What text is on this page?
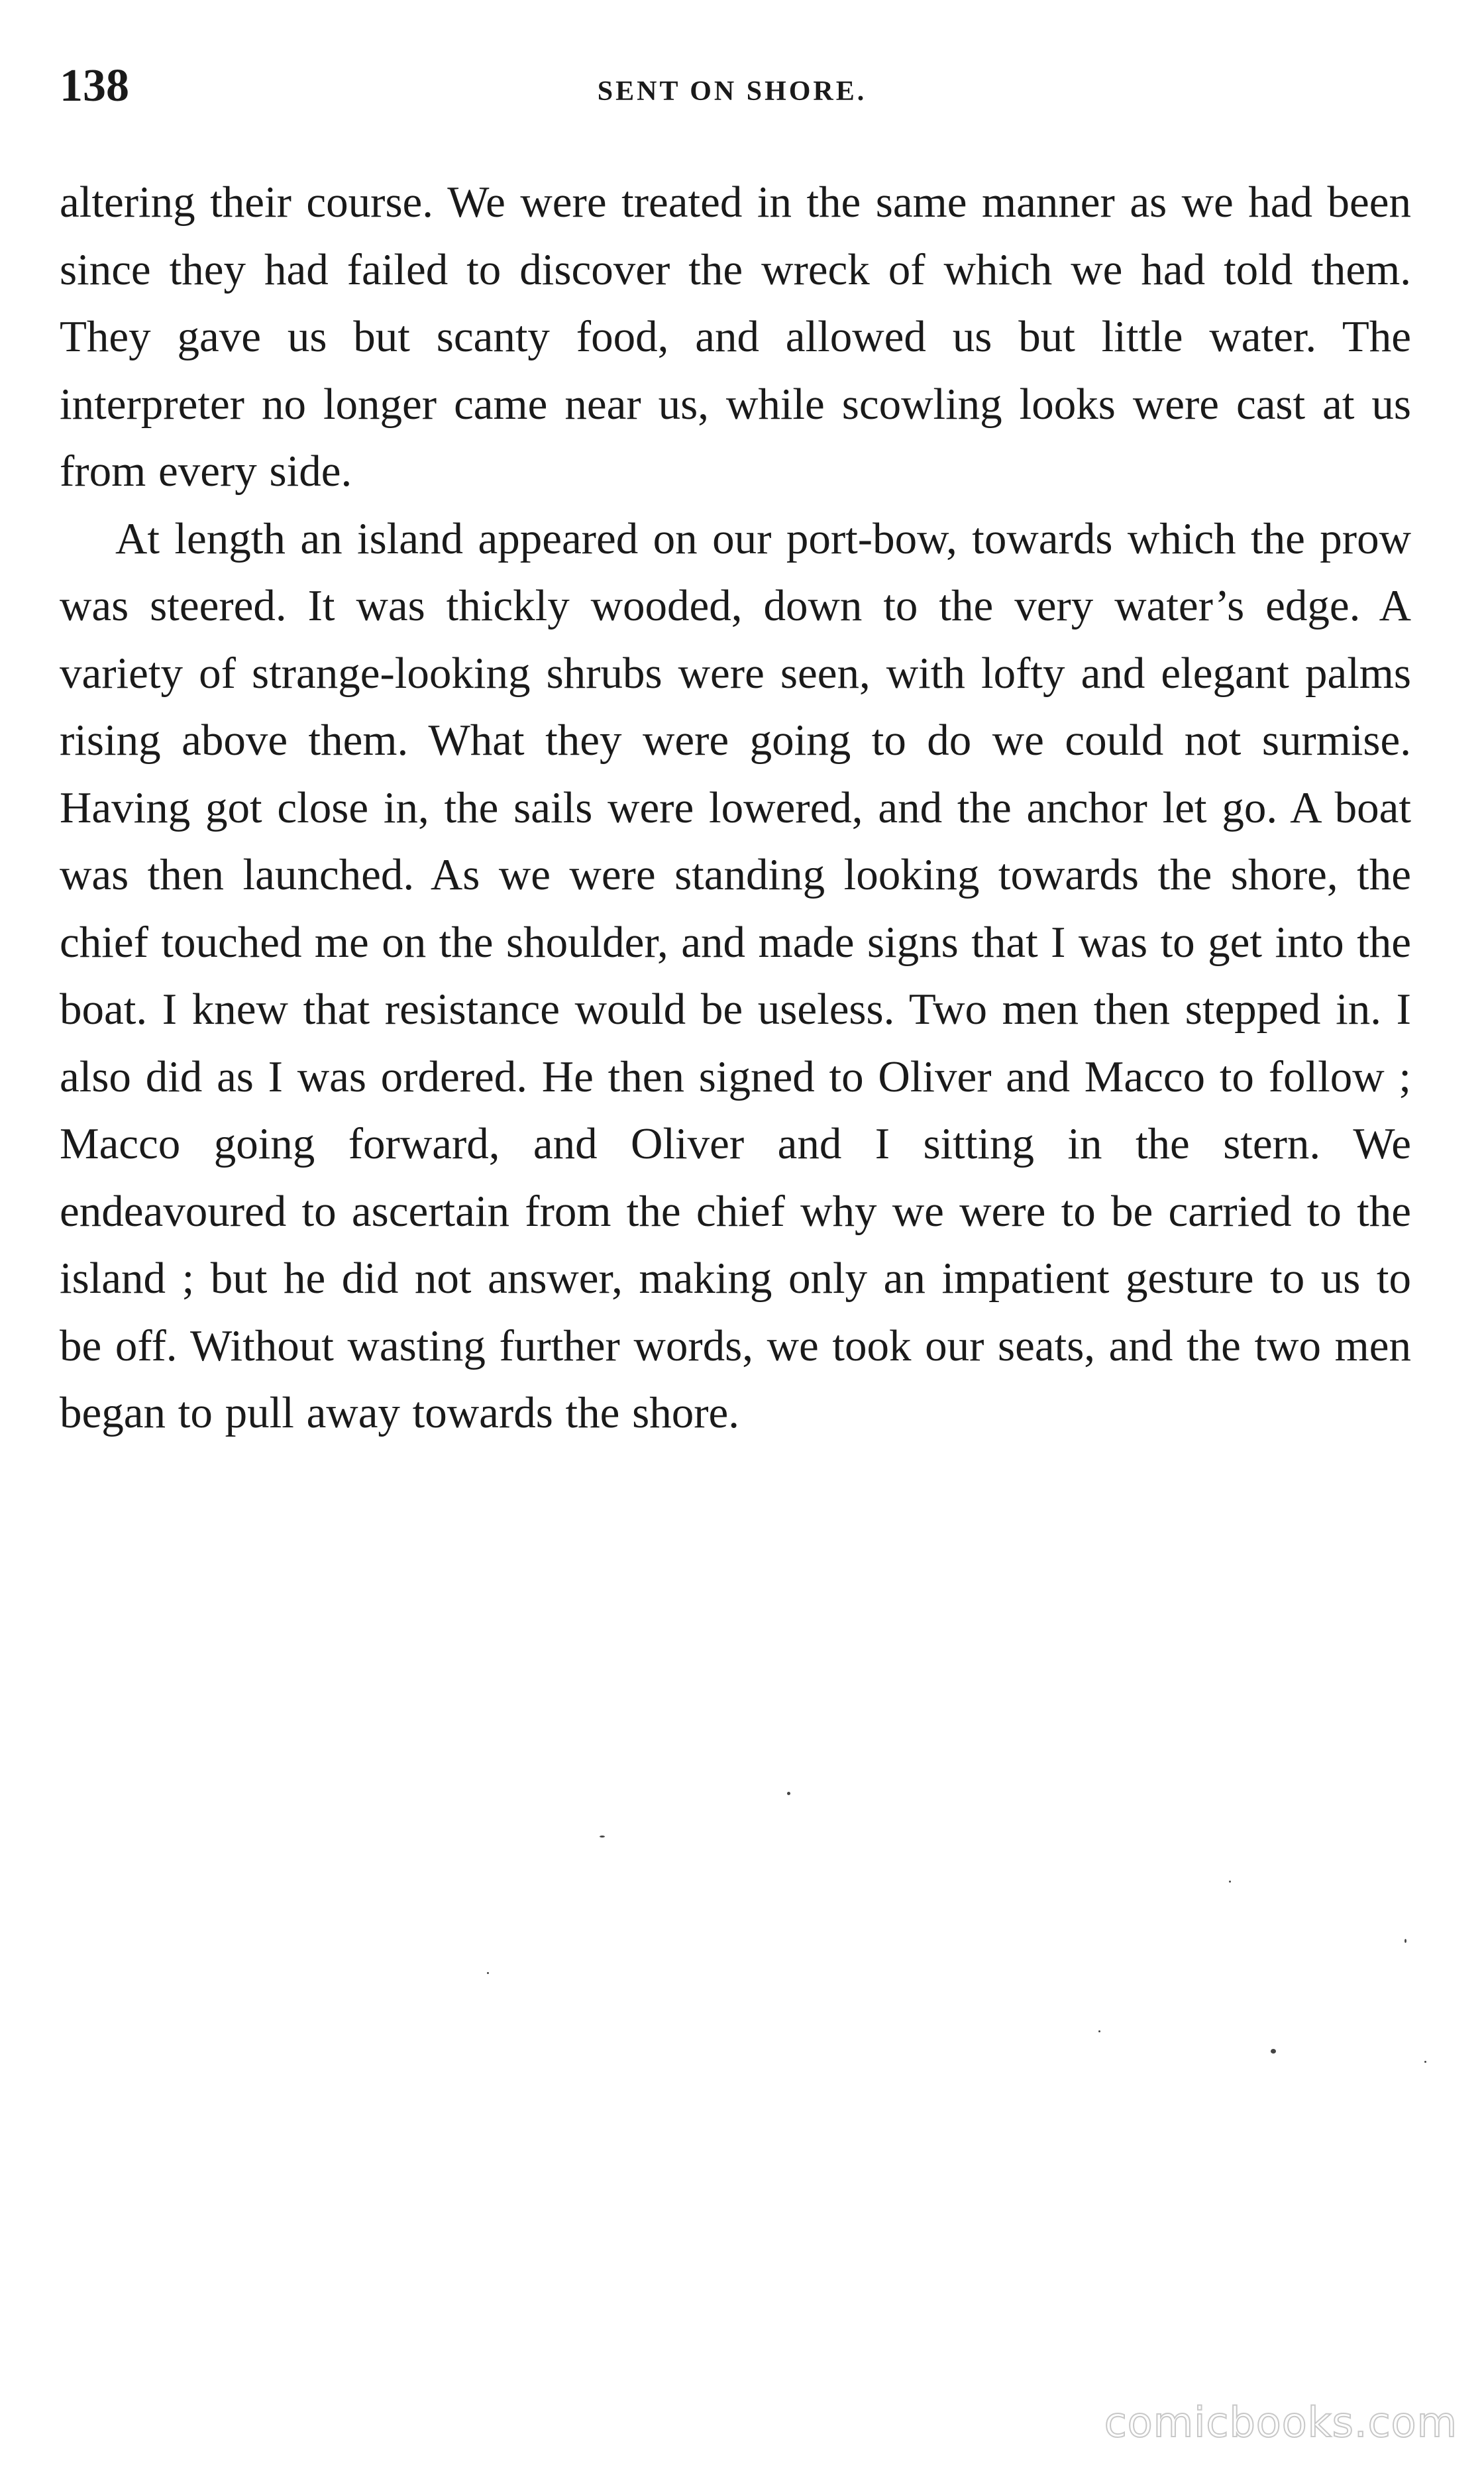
138	SENT ON SHORE.

altering their course. We were treated in the same manner as we had been since they had failed to discover the wreck of which we had told them. They gave us but scanty food, and allowed us but little water. The interpreter no longer came near us, while scowling looks were cast at us from every side.

At length an island appeared on our port-bow, towards which the prow was steered. It was thickly wooded, down to the very water’s edge. A variety of strange-looking shrubs were seen, with lofty and elegant palms rising above them. What they were going to do we could not surmise. Having got close in, the sails were lowered, and the anchor let go. A boat was then launched. As we were standing looking towards the shore, the chief touched me on the shoulder, and made signs that I was to get into the boat. I knew that resistance would be useless. Two men then stepped in. I also did as I was ordered. He then signed to Oliver and Macco to follow ; Macco going forward, and Oliver and I sitting in the stern. We endeavoured to ascertain from the chief why we were to be carried to the island ; but he did not answer, making only an impatient gesture to us to be off. Without wasting further words, we took our seats, and the two men began to pull away towards the shore.

comicbooks.com
